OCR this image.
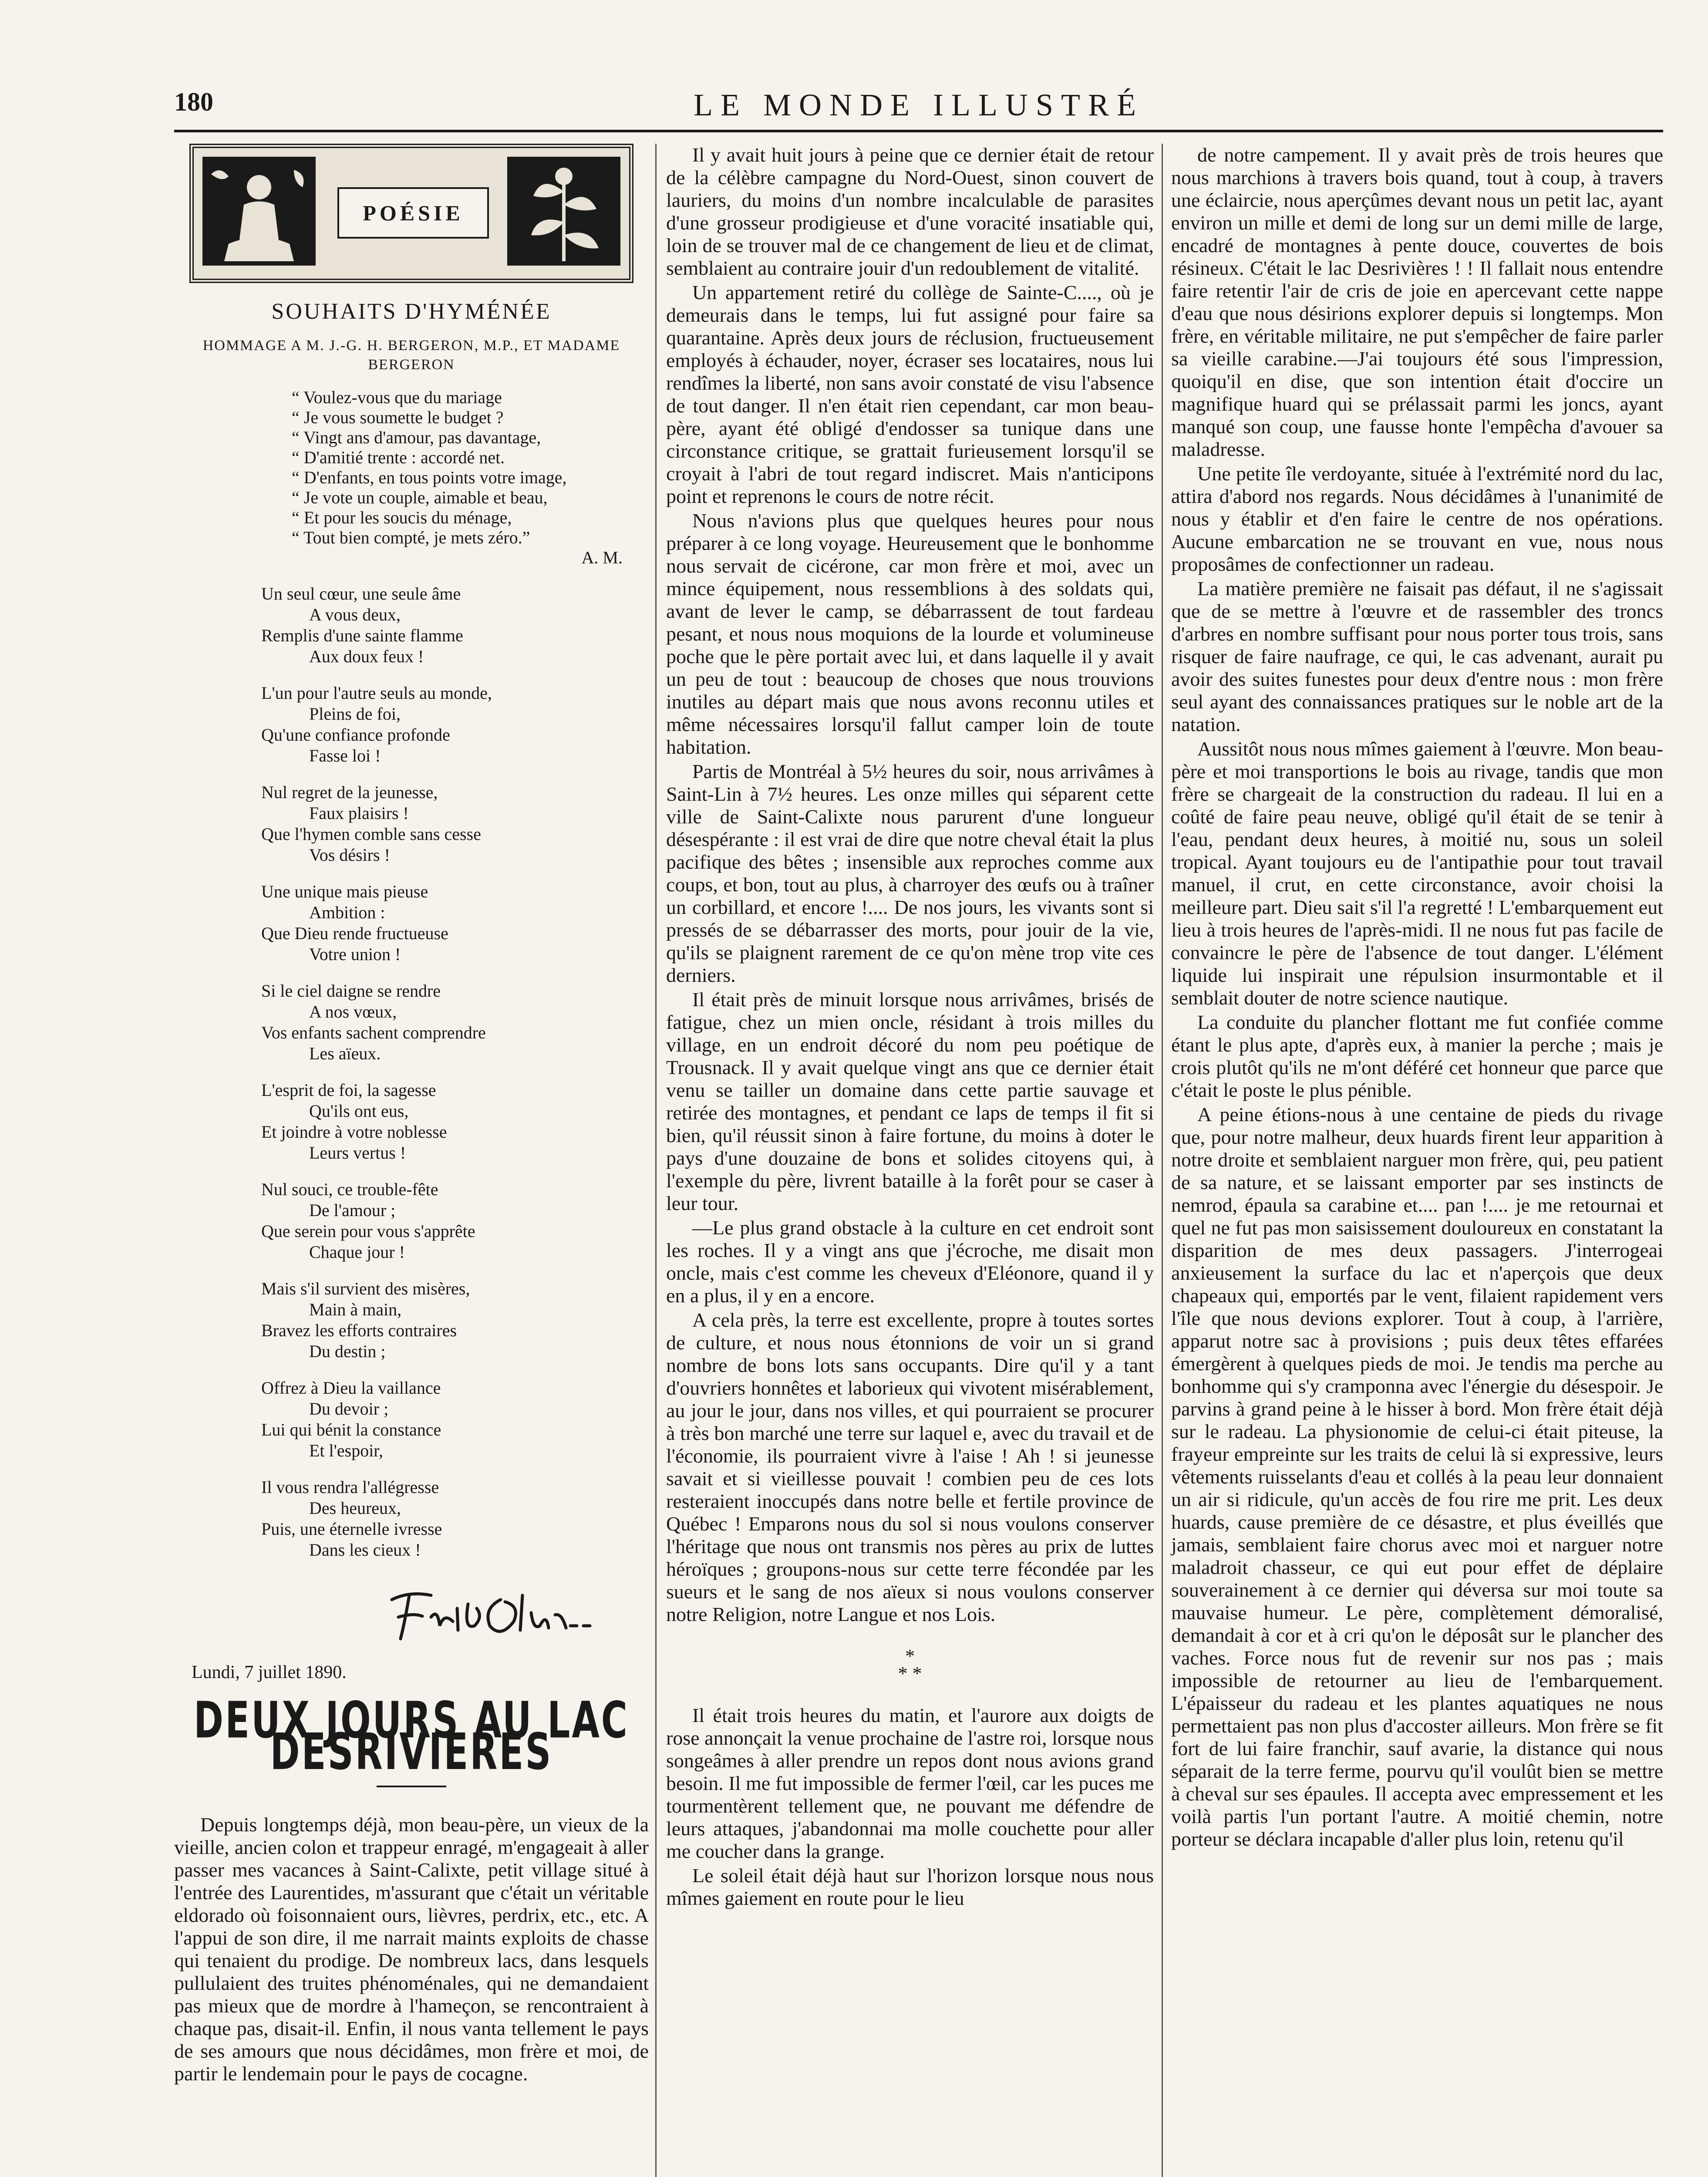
180	LE MONDE ILLUSTRÉ
POÉSIE
SOUHAITS D'HYMÉNÉE
HOMMAGE A M. J.-G. H. BERGERON, M.P., ET MADAME BERGERON
“ Voulez-vous que du mariage
“ Je vous soumette le budget ?
“ Vingt ans d'amour, pas davantage,
“ D'amitié trente : accordé net.
“ D'enfants, en tous points votre image,
“ Je vote un couple, aimable et beau,
“ Et pour les soucis du ménage,
“ Tout bien compté, je mets zéro.”
A. M.
Un seul cœur, une seule âme
A vous deux,
Remplis d'une sainte flamme
Aux doux feux !
L'un pour l'autre seuls au monde,
Pleins de foi,
Qu'une confiance profonde
Fasse loi !
Nul regret de la jeunesse,
Faux plaisirs !
Que l'hymen comble sans cesse
Vos désirs !
Une unique mais pieuse
Ambition :
Que Dieu rende fructueuse
Votre union !
Si le ciel daigne se rendre
A nos vœux,
Vos enfants sachent comprendre
Les aïeux.
L'esprit de foi, la sagesse
Qu'ils ont eus,
Et joindre à votre noblesse
Leurs vertus !
Nul souci, ce trouble-fête
De l'amour ;
Que serein pour vous s'apprête
Chaque jour !
Mais s'il survient des misères,
Main à main,
Bravez les efforts contraires
Du destin ;
Offrez à Dieu la vaillance
Du devoir ;
Lui qui bénit la constance
Et l'espoir,
Il vous rendra l'allégresse
Des heureux,
Puis, une éternelle ivresse
Dans les cieux !
Lundi, 7 juillet 1890.
DEUX JOURS AU LAC DESRIVIERES

Depuis longtemps déjà, mon beau-père, un vieux de la vieille, ancien colon et trappeur enragé, m'engageait à aller passer mes vacances à Saint-Calixte, petit village situé à l'entrée des Laurentides, m'assurant que c'était un véritable eldorado où foisonnaient ours, lièvres, perdrix, etc., etc. A l'appui de son dire, il me narrait maints exploits de chasse qui tenaient du prodige. De nombreux lacs, dans lesquels pullulaient des truites phénoménales, qui ne demandaient pas mieux que de mordre à l'hameçon, se rencontraient à chaque pas, disait-il. Enfin, il nous vanta tellement le pays de ses amours que nous décidâmes, mon frère et moi, de partir le lendemain pour le pays de cocagne.

Il y avait huit jours à peine que ce dernier était de retour de la célèbre campagne du Nord-Ouest, sinon couvert de lauriers, du moins d'un nombre incalculable de parasites d'une grosseur prodigieuse et d'une voracité insatiable qui, loin de se trouver mal de ce changement de lieu et de climat, semblaient au contraire jouir d'un redoublement de vitalité.

Un appartement retiré du collège de Sainte-C...., où je demeurais dans le temps, lui fut assigné pour faire sa quarantaine. Après deux jours de réclusion, fructueusement employés à échauder, noyer, écraser ses locataires, nous lui rendîmes la liberté, non sans avoir constaté de visu l'absence de tout danger. Il n'en était rien cependant, car mon beau-père, ayant été obligé d'endosser sa tunique dans une circonstance critique, se grattait furieusement lorsqu'il se croyait à l'abri de tout regard indiscret. Mais n'anticipons point et reprenons le cours de notre récit.

Nous n'avions plus que quelques heures pour nous préparer à ce long voyage. Heureusement que le bonhomme nous servait de cicérone, car mon frère et moi, avec un mince équipement, nous ressemblions à des soldats qui, avant de lever le camp, se débarrassent de tout fardeau pesant, et nous nous moquions de la lourde et volumineuse poche que le père portait avec lui, et dans laquelle il y avait un peu de tout : beaucoup de choses que nous trouvions inutiles au départ mais que nous avons reconnu utiles et même nécessaires lorsqu'il fallut camper loin de toute habitation.

Partis de Montréal à 5½ heures du soir, nous arrivâmes à Saint-Lin à 7½ heures. Les onze milles qui séparent cette ville de Saint-Calixte nous parurent d'une longueur désespérante : il est vrai de dire que notre cheval était la plus pacifique des bêtes ; insensible aux reproches comme aux coups, et bon, tout au plus, à charroyer des œufs ou à traîner un corbillard, et encore !.... De nos jours, les vivants sont si pressés de se débarrasser des morts, pour jouir de la vie, qu'ils se plaignent rarement de ce qu'on mène trop vite ces derniers.

Il était près de minuit lorsque nous arrivâmes, brisés de fatigue, chez un mien oncle, résidant à trois milles du village, en un endroit décoré du nom peu poétique de Trousnack. Il y avait quelque vingt ans que ce dernier était venu se tailler un domaine dans cette partie sauvage et retirée des montagnes, et pendant ce laps de temps il fit si bien, qu'il réussit sinon à faire fortune, du moins à doter le pays d'une douzaine de bons et solides citoyens qui, à l'exemple du père, livrent bataille à la forêt pour se caser à leur tour.

—Le plus grand obstacle à la culture en cet endroit sont les roches. Il y a vingt ans que j'écroche, me disait mon oncle, mais c'est comme les cheveux d'Eléonore, quand il y en a plus, il y en a encore.

A cela près, la terre est excellente, propre à toutes sortes de culture, et nous nous étonnions de voir un si grand nombre de bons lots sans occupants. Dire qu'il y a tant d'ouvriers honnêtes et laborieux qui vivotent misérablement, au jour le jour, dans nos villes, et qui pourraient se procurer à très bon marché une terre sur laquel e, avec du travail et de l'économie, ils pourraient vivre à l'aise ! Ah ! si jeunesse savait et si vieillesse pouvait ! combien peu de ces lots resteraient inoccupés dans notre belle et fertile province de Québec ! Emparons nous du sol si nous voulons conserver l'héritage que nous ont transmis nos pères au prix de luttes héroïques ; groupons-nous sur cette terre fécondée par les sueurs et le sang de nos aïeux si nous voulons conserver notre Religion, notre Langue et nos Lois.

*
* *

Il était trois heures du matin, et l'aurore aux doigts de rose annonçait la venue prochaine de l'astre roi, lorsque nous songeâmes à aller prendre un repos dont nous avions grand besoin. Il me fut impossible de fermer l'œil, car les puces me tourmentèrent tellement que, ne pouvant me défendre de leurs attaques, j'abandonnai ma molle couchette pour aller me coucher dans la grange.

Le soleil était déjà haut sur l'horizon lorsque nous nous mîmes gaiement en route pour le lieu

de notre campement. Il y avait près de trois heures que nous marchions à travers bois quand, tout à coup, à travers une éclaircie, nous aperçûmes devant nous un petit lac, ayant environ un mille et demi de long sur un demi mille de large, encadré de montagnes à pente douce, couvertes de bois résineux. C'était le lac Desrivières ! ! Il fallait nous entendre faire retentir l'air de cris de joie en apercevant cette nappe d'eau que nous désirions explorer depuis si longtemps. Mon frère, en véritable militaire, ne put s'empêcher de faire parler sa vieille carabine.—J'ai toujours été sous l'impression, quoiqu'il en dise, que son intention était d'occire un magnifique huard qui se prélassait parmi les joncs, ayant manqué son coup, une fausse honte l'empêcha d'avouer sa maladresse.

Une petite île verdoyante, située à l'extrémité nord du lac, attira d'abord nos regards. Nous décidâmes à l'unanimité de nous y établir et d'en faire le centre de nos opérations. Aucune embarcation ne se trouvant en vue, nous nous proposâmes de confectionner un radeau.

La matière première ne faisait pas défaut, il ne s'agissait que de se mettre à l'œuvre et de rassembler des troncs d'arbres en nombre suffisant pour nous porter tous trois, sans risquer de faire naufrage, ce qui, le cas advenant, aurait pu avoir des suites funestes pour deux d'entre nous : mon frère seul ayant des connaissances pratiques sur le noble art de la natation.

Aussitôt nous nous mîmes gaiement à l'œuvre. Mon beau-père et moi transportions le bois au rivage, tandis que mon frère se chargeait de la construction du radeau. Il lui en a coûté de faire peau neuve, obligé qu'il était de se tenir à l'eau, pendant deux heures, à moitié nu, sous un soleil tropical. Ayant toujours eu de l'antipathie pour tout travail manuel, il crut, en cette circonstance, avoir choisi la meilleure part. Dieu sait s'il l'a regretté ! L'embarquement eut lieu à trois heures de l'après-midi. Il ne nous fut pas facile de convaincre le père de l'absence de tout danger. L'élément liquide lui inspirait une répulsion insurmontable et il semblait douter de notre science nautique.

La conduite du plancher flottant me fut confiée comme étant le plus apte, d'après eux, à manier la perche ; mais je crois plutôt qu'ils ne m'ont déféré cet honneur que parce que c'était le poste le plus pénible.

A peine étions-nous à une centaine de pieds du rivage que, pour notre malheur, deux huards firent leur apparition à notre droite et semblaient narguer mon frère, qui, peu patient de sa nature, et se laissant emporter par ses instincts de nemrod, épaula sa carabine et.... pan !.... je me retournai et quel ne fut pas mon saisissement douloureux en constatant la disparition de mes deux passagers. J'interrogeai anxieusement la surface du lac et n'aperçois que deux chapeaux qui, emportés par le vent, filaient rapidement vers l'île que nous devions explorer. Tout à coup, à l'arrière, apparut notre sac à provisions ; puis deux têtes effarées émergèrent à quelques pieds de moi. Je tendis ma perche au bonhomme qui s'y cramponna avec l'énergie du désespoir. Je parvins à grand peine à le hisser à bord. Mon frère était déjà sur le radeau. La physionomie de celui-ci était piteuse, la frayeur empreinte sur les traits de celui là si expressive, leurs vêtements ruisselants d'eau et collés à la peau leur donnaient un air si ridicule, qu'un accès de fou rire me prit. Les deux huards, cause première de ce désastre, et plus éveillés que jamais, semblaient faire chorus avec moi et narguer notre maladroit chasseur, ce qui eut pour effet de déplaire souverainement à ce dernier qui déversa sur moi toute sa mauvaise humeur. Le père, complètement démoralisé, demandait à cor et à cri qu'on le déposât sur le plancher des vaches. Force nous fut de revenir sur nos pas ; mais impossible de retourner au lieu de l'embarquement. L'épaisseur du radeau et les plantes aquatiques ne nous permettaient pas non plus d'accoster ailleurs. Mon frère se fit fort de lui faire franchir, sauf avarie, la distance qui nous séparait de la terre ferme, pourvu qu'il voulût bien se mettre à cheval sur ses épaules. Il accepta avec empressement et les voilà partis l'un portant l'autre. A moitié chemin, notre porteur se déclara incapable d'aller plus loin, retenu qu'il
